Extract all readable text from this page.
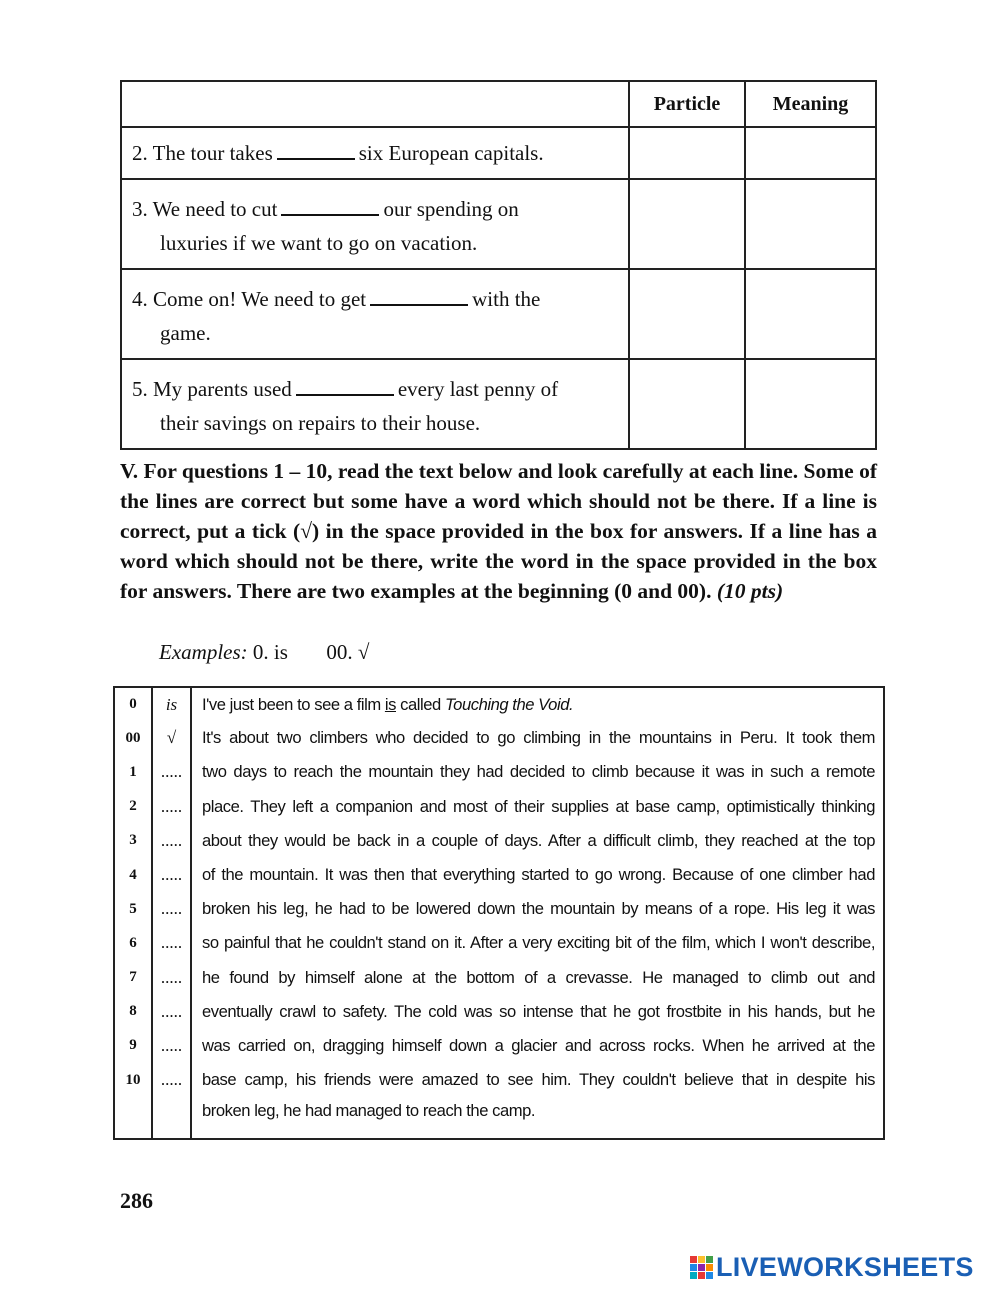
	Particle	Meaning
2. The tour takes six European capitals.		
3. We need to cut our spending on
luxuries if we want to go on vacation.		

4. Come on! We need to get with the
game.		

5. My parents used every last penny of
their savings on repairs to their house.		

V. For questions 1 – 10, read the text below and look carefully at each line. Some of the lines are correct but some have a word which should not be there. If a line is correct, put a tick (√) in the space provided in the box for answers. If a line has a word which should not be there, write the word in the space provided in the box for answers. There are two examples at the beginning (0 and 00). (10 pts)
Examples: 0. is 00. √
0	is	I've just been to see a film is called Touching the Void.
00	√	It's about two climbers who decided to go climbing in the mountains in Peru. It took them
1	.....	two days to reach the mountain they had decided to climb because it was in such a remote
2	.....	place. They left a companion and most of their supplies at base camp, optimistically thinking
3	.....	about they would be back in a couple of days. After a difficult climb, they reached at the top
4	.....	of the mountain. It was then that everything started to go wrong. Because of one climber had
5	.....	broken his leg, he had to be lowered down the mountain by means of a rope. His leg it was
6	.....	so painful that he couldn't stand on it. After a very exciting bit of the film, which I won't describe,
7	.....	he found by himself alone at the bottom of a crevasse. He managed to climb out and
8	.....	eventually crawl to safety. The cold was so intense that he got frostbite in his hands, but he
9	.....	was carried on, dragging himself down a glacier and across rocks. When he arrived at the
10	.....	base camp, his friends were amazed to see him. They couldn't believe that in despite his
		broken leg, he had managed to reach the camp.
286
LIVEWORKSHEETS
